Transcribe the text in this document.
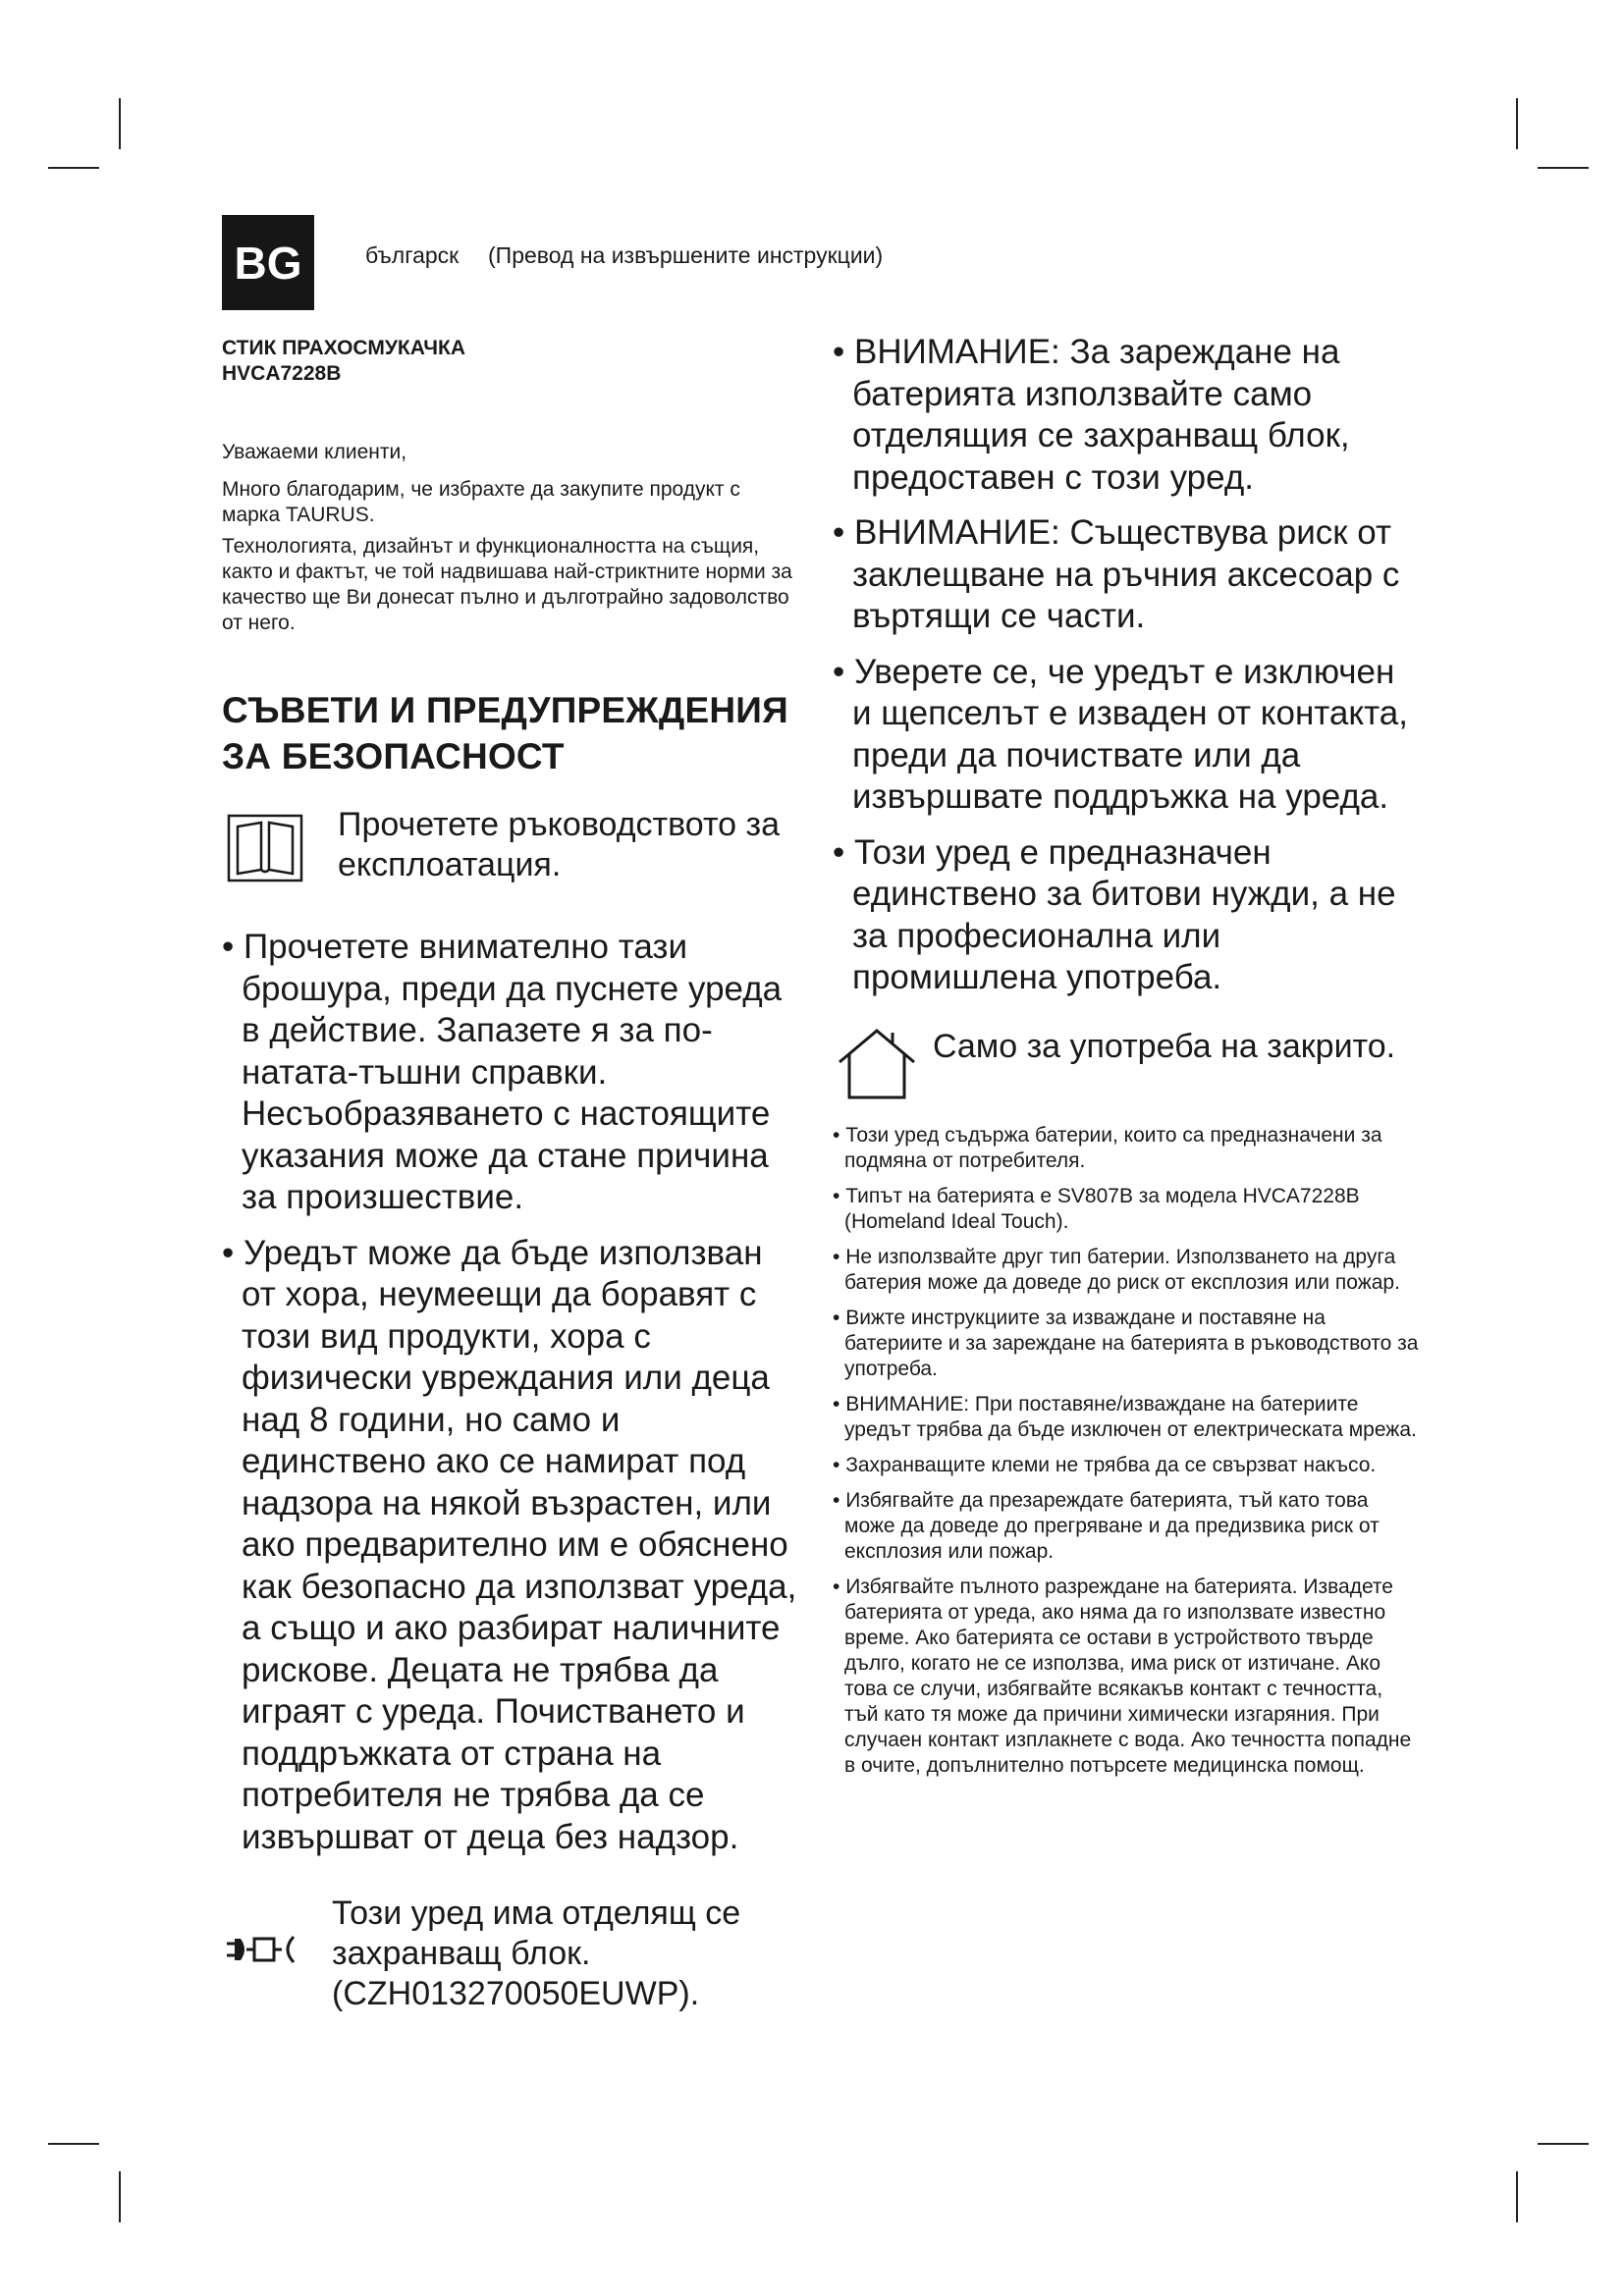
BG	българск (Превод на извършените инструкции)

СТИК ПРАХОСМУКАЧКА

HVCA7228B

Уважаеми клиенти,

Много благодарим, че избрахте да закупите продукт с марка TAURUS.

Технологията, дизайнът и функционалността на същия, както и фактът, че той надвишава най-стриктните норми за качество ще Ви донесат пълно и дълготрайно задоволство от него.

СЪВЕТИ И ПРЕДУПРЕЖДЕНИЯ ЗА БЕЗОПАСНОСТ
Прочетете ръководството за експлоатация.

• Прочетете внимателно тази брошура, преди да пуснете уреда в действие. Запазете я за по-натата-тъшни справки. Несъобразяването с настоящите указания може да стане причина за произшествие.

• Уредът може да бъде използван от хора, неумеещи да боравят с този вид продукти, хора с физически увреждания или деца над 8 години, но само и единствено ако се намират под надзора на някой възрастен, или ако предварително им е обяснено как безопасно да използват уреда, а също и ако разбират наличните рискове. Децата не трябва да играят с уреда. Почистването и поддръжката от страна на потребителя не трябва да се извършват от деца без надзор.

Този уред има отделящ се захранващ блок. (CZH013270050EUWP).

• ВНИМАНИЕ: За зареждане на батерията използвайте само отделящия се захранващ блок, предоставен с този уред.

• ВНИМАНИЕ: Съществува риск от заклещване на ръчния аксесоар с въртящи се части.

• Уверете се, че уредът е изключен и щепселът е изваден от контакта, преди да почиствате или да извършвате поддръжка на уреда.

• Този уред е предназначен единствено за битови нужди, а не за професионална или промишлена употреба.

Само за употреба на закрито.

• Този уред съдържа батерии, които са предназначени за подмяна от потребителя.

• Типът на батерията е SV807B за модела HVCA7228B (Homeland Ideal Touch).

• Не използвайте друг тип батерии. Използването на друга батерия може да доведе до риск от експлозия или пожар.

• Вижте инструкциите за изваждане и поставяне на батериите и за зареждане на батерията в ръководството за употреба.

• ВНИМАНИЕ: При поставяне/изваждане на батериите уредът трябва да бъде изключен от електрическата мрежа.

• Захранващите клеми не трябва да се свързват накъсо.

• Избягвайте да презареждате батерията, тъй като това може да доведе до прегряване и да предизвика риск от експлозия или пожар.

• Избягвайте пълното разреждане на батерията. Извадете батерията от уреда, ако няма да го използвате известно време. Ако батерията се остави в устройството твърде дълго, когато не се използва, има риск от изтичане. Ако това се случи, избягвайте всякакъв контакт с течността, тъй като тя може да причини химически изгаряния. При случаен контакт изплакнете с вода. Ако течността попадне в очите, допълнително потърсете медицинска помощ.
